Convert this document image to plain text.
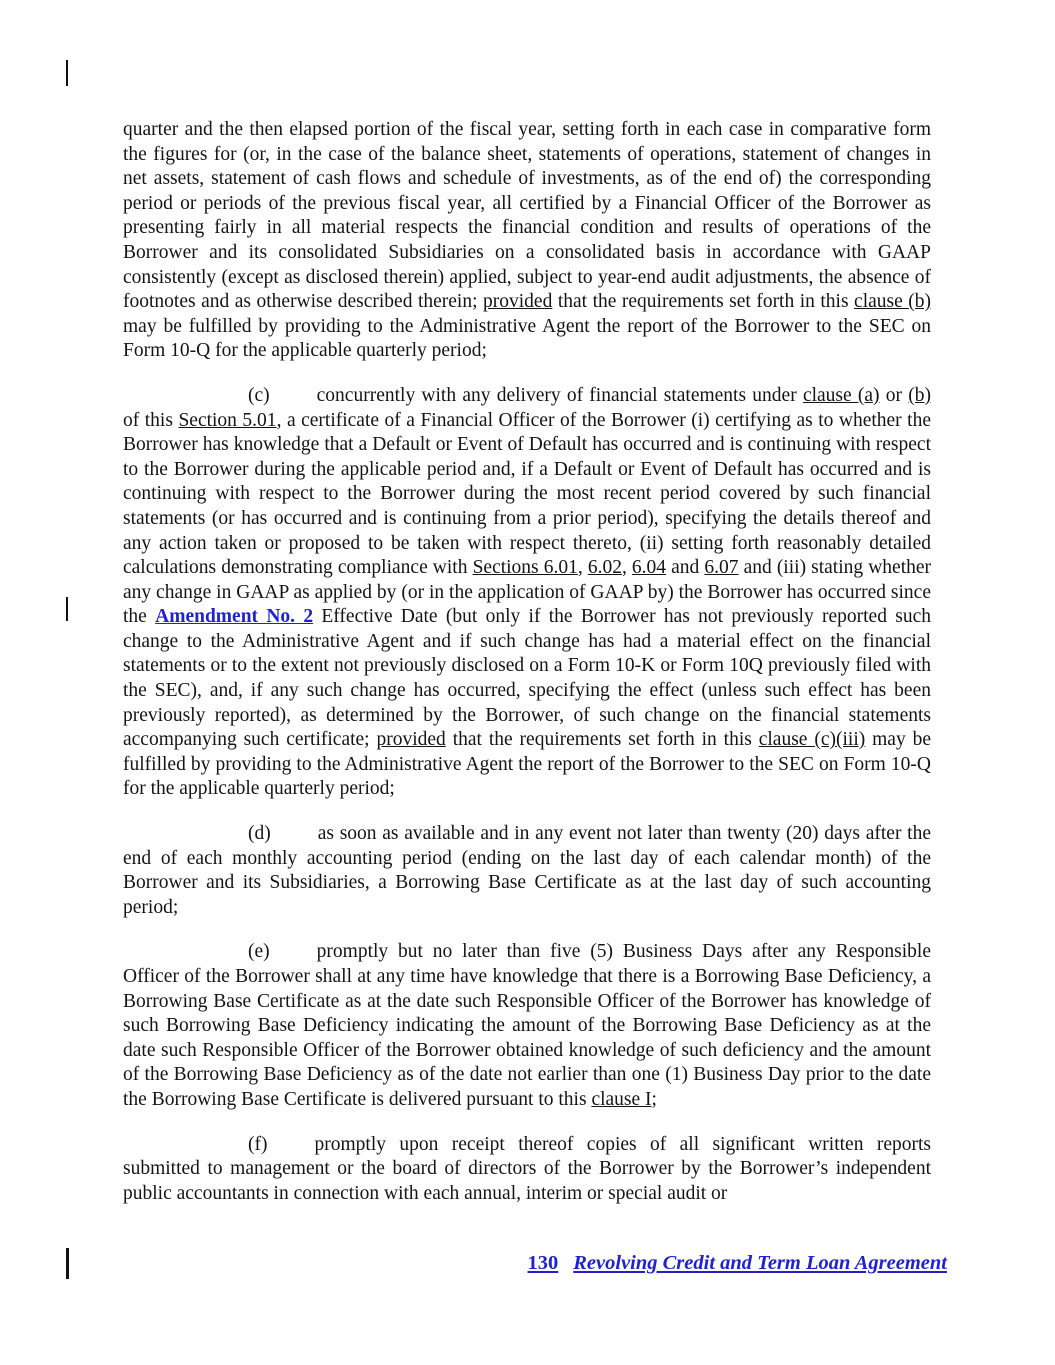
quarter and the then elapsed portion of the fiscal year, setting forth in each case in comparative form the figures for (or, in the case of the balance sheet, statements of operations, statement of changes in net assets, statement of cash flows and schedule of investments, as of the end of) the corresponding period or periods of the previous fiscal year, all certified by a Financial Officer of the Borrower as presenting fairly in all material respects the financial condition and results of operations of the Borrower and its consolidated Subsidiaries on a consolidated basis in accordance with GAAP consistently (except as disclosed therein) applied, subject to year-end audit adjustments, the absence of footnotes and as otherwise described therein; provided that the requirements set forth in this clause (b) may be fulfilled by providing to the Administrative Agent the report of the Borrower to the SEC on Form 10-Q for the applicable quarterly period;

(c) concurrently with any delivery of financial statements under clause (a) or (b) of this Section 5.01, a certificate of a Financial Officer of the Borrower (i) certifying as to whether the Borrower has knowledge that a Default or Event of Default has occurred and is continuing with respect to the Borrower during the applicable period and, if a Default or Event of Default has occurred and is continuing with respect to the Borrower during the most recent period covered by such financial statements (or has occurred and is continuing from a prior period), specifying the details thereof and any action taken or proposed to be taken with respect thereto, (ii) setting forth reasonably detailed calculations demonstrating compliance with Sections 6.01, 6.02, 6.04 and 6.07 and (iii) stating whether any change in GAAP as applied by (or in the application of GAAP by) the Borrower has occurred since the Amendment No. 2 Effective Date (but only if the Borrower has not previously reported such change to the Administrative Agent and if such change has had a material effect on the financial statements or to the extent not previously disclosed on a Form 10-K or Form 10Q previously filed with the SEC), and, if any such change has occurred, specifying the effect (unless such effect has been previously reported), as determined by the Borrower, of such change on the financial statements accompanying such certificate; provided that the requirements set forth in this clause (c)(iii) may be fulfilled by providing to the Administrative Agent the report of the Borrower to the SEC on Form 10-Q for the applicable quarterly period;

(d) as soon as available and in any event not later than twenty (20) days after the end of each monthly accounting period (ending on the last day of each calendar month) of the Borrower and its Subsidiaries, a Borrowing Base Certificate as at the last day of such accounting period;

(e) promptly but no later than five (5) Business Days after any Responsible Officer of the Borrower shall at any time have knowledge that there is a Borrowing Base Deficiency, a Borrowing Base Certificate as at the date such Responsible Officer of the Borrower has knowledge of such Borrowing Base Deficiency indicating the amount of the Borrowing Base Deficiency as at the date such Responsible Officer of the Borrower obtained knowledge of such deficiency and the amount of the Borrowing Base Deficiency as of the date not earlier than one (1) Business Day prior to the date the Borrowing Base Certificate is delivered pursuant to this clause I;

(f) promptly upon receipt thereof copies of all significant written reports submitted to management or the board of directors of the Borrower by the Borrower’s independent public accountants in connection with each annual, interim or special audit or

130 Revolving Credit and Term Loan Agreement
